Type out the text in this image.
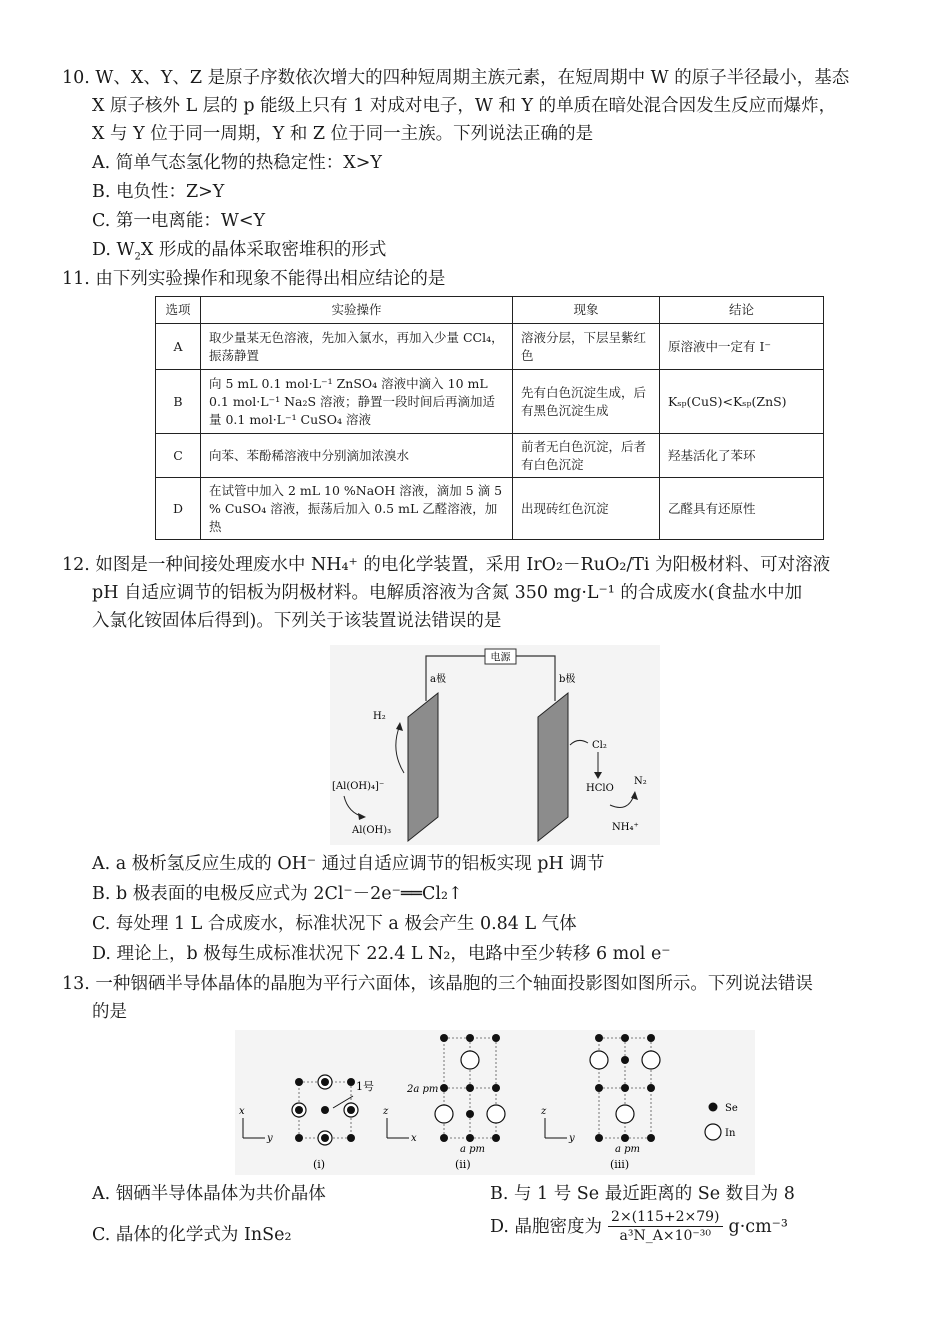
10. W、X、Y、Z 是原子序数依次增大的四种短周期主族元素，在短周期中 W 的原子半径最小，基态
X 原子核外 L 层的 p 能级上只有 1 对成对电子，W 和 Y 的单质在暗处混合因发生反应而爆炸，
X 与 Y 位于同一周期，Y 和 Z 位于同一主族。下列说法正确的是
A. 简单气态氢化物的热稳定性：X>Y
B. 电负性：Z>Y
C. 第一电离能：W<Y
D. $W_2X$ 形成的晶体采取密堆积的形式
11. 由下列实验操作和现象不能得出相应结论的是
选项	实验操作	现象	结论
A	取少量某无色溶液，先加入氯水，再加入少量 CCl₄，振荡静置	溶液分层，下层呈紫红色	原溶液中一定有 I⁻
B	向 5 mL 0.1 mol·L⁻¹ ZnSO₄ 溶液中滴入 10 mL 0.1 mol·L⁻¹ Na₂S 溶液；静置一段时间后再滴加适量 0.1 mol·L⁻¹ CuSO₄ 溶液	先有白色沉淀生成，后有黑色沉淀生成	Kₛₚ(CuS)<Kₛₚ(ZnS)
C	向苯、苯酚稀溶液中分别滴加浓溴水	前者无白色沉淀，后者有白色沉淀	羟基活化了苯环
D	在试管中加入 2 mL 10 %NaOH 溶液，滴加 5 滴 5 % CuSO₄ 溶液，振荡后加入 0.5 mL 乙醛溶液，加热	出现砖红色沉淀	乙醛具有还原性
12. 如图是一种间接处理废水中 NH₄⁺ 的电化学装置，采用 IrO₂－RuO₂/Ti 为阳极材料、可对溶液
pH 自适应调节的铝板为阴极材料。电解质溶液为含氮 350 mg·L⁻¹ 的合成废水(食盐水中加
入氯化铵固体后得到)。下列关于该装置说法错误的是
电源
a极	b极
H₂
[Al(OH)₄]⁻
Al(OH)₃
Cl₂
HClO
N₂
NH₄⁺
A. a 极析氢反应生成的 OH⁻ 通过自适应调节的铝板实现 pH 调节
B. b 极表面的电极反应式为 2Cl⁻－2e⁻══Cl₂↑
C. 每处理 1 L 合成废水，标准状况下 a 极会产生 0.84 L 气体
D. 理论上，b 极每生成标准状况下 22.4 L N₂，电路中至少转移 6 mol e⁻
13. 一种铟硒半导体晶体的晶胞为平行六面体，该晶胞的三个轴面投影图如图所示。下列说法错误
的是
1号
(ⅰ)
x
y
2a pm
a pm
(ⅱ)
z
x
a pm
(ⅲ)
z
y
Se
In
A. 铟硒半导体晶体为共价晶体	B. 与 1 号 Se 最近距离的 Se 数目为 8
C. 晶体的化学式为 InSe₂	D. 晶胞密度为 $\frac{2\times(115+2\times 79)}{\text{a³N\_A×10⁻³⁰}} g\cdot cm^{-3}$
